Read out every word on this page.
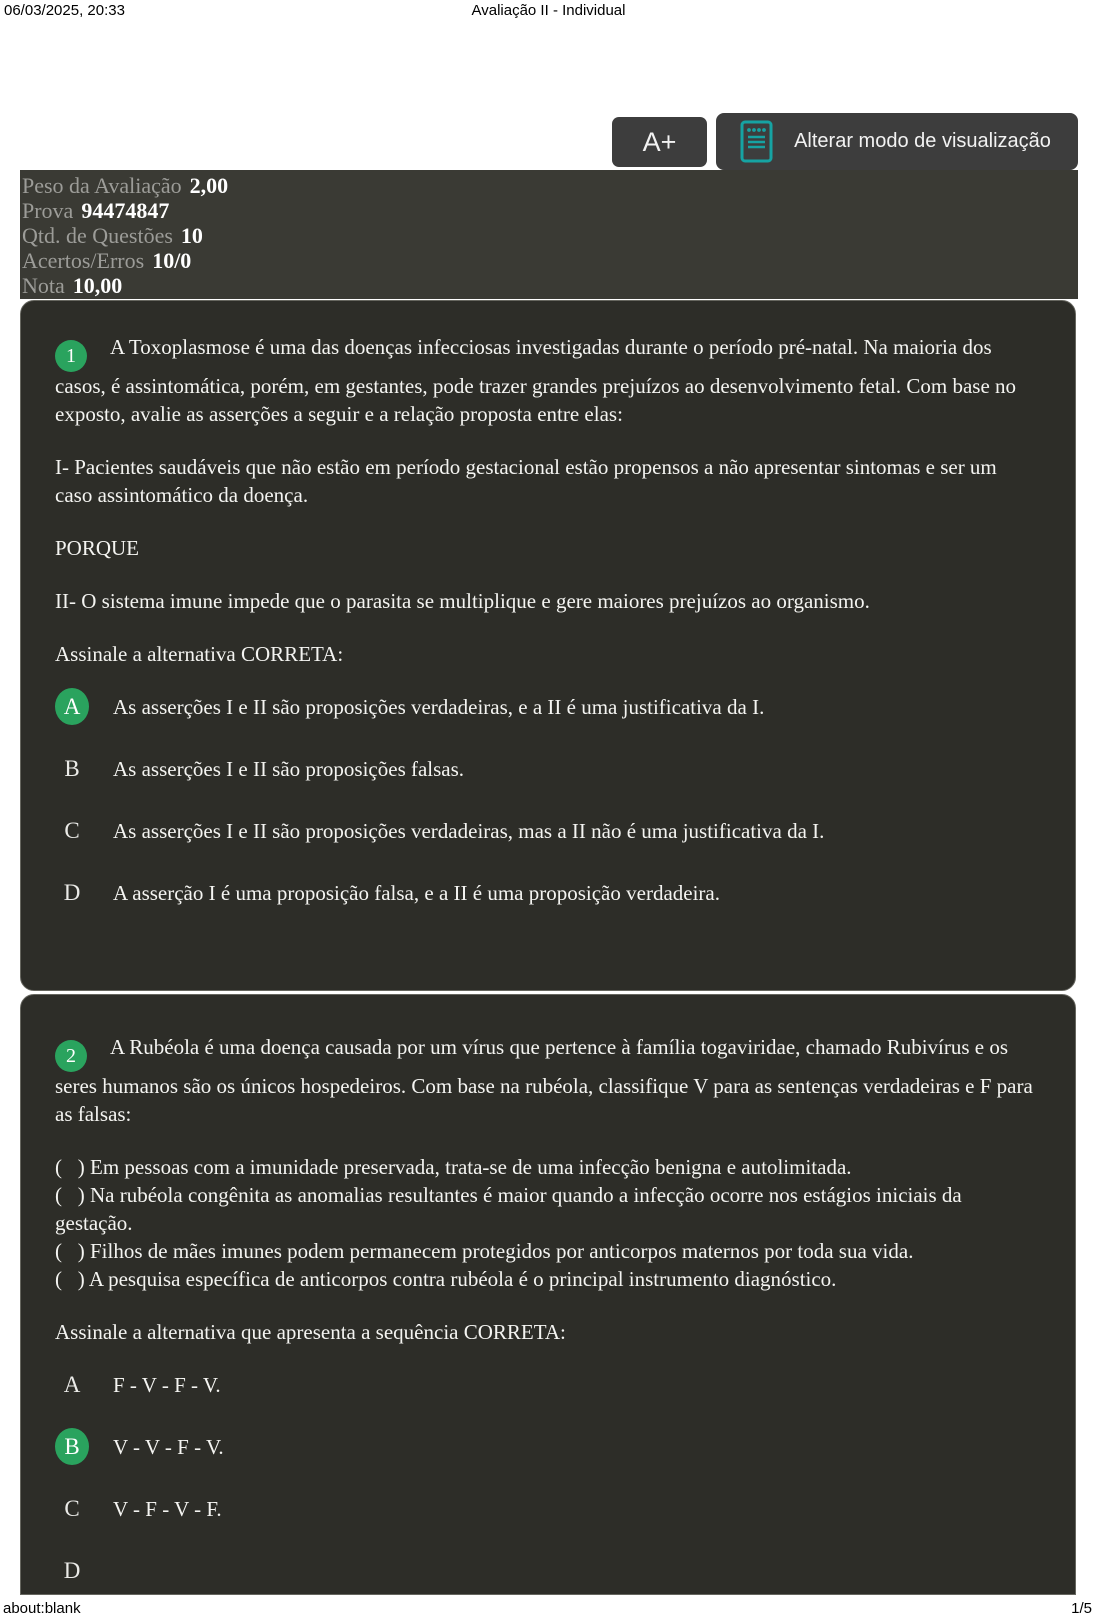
06/03/2025, 20:33	Avaliação II - Individual
A+	Alterar modo de visualização

Peso da Avaliação 2,00

Prova 94474847

Qtd. de Questões 10

Acertos/Erros 10/0

Nota 10,00

1 A Toxoplasmose é uma das doenças infecciosas investigadas durante o período pré-natal. Na maioria dos casos, é assintomática, porém, em gestantes, pode trazer grandes prejuízos ao desenvolvimento fetal. Com base no exposto, avalie as asserções a seguir e a relação proposta entre elas:

I- Pacientes saudáveis que não estão em período gestacional estão propensos a não apresentar sintomas e ser um caso assintomático da doença.

PORQUE

II- O sistema imune impede que o parasita se multiplique e gere maiores prejuízos ao organismo.

Assinale a alternativa CORRETA:

A	As asserções I e II são proposições verdadeiras, e a II é uma justificativa da I.
B	As asserções I e II são proposições falsas.
C	As asserções I e II são proposições verdadeiras, mas a II não é uma justificativa da I.
D	A asserção I é uma proposição falsa, e a II é uma proposição verdadeira.

2 A Rubéola é uma doença causada por um vírus que pertence à família togaviridae, chamado Rubivírus e os seres humanos são os únicos hospedeiros. Com base na rubéola, classifique V para as sentenças verdadeiras e F para as falsas:

(   ) Em pessoas com a imunidade preservada, trata-se de uma infecção benigna e autolimitada.

(   ) Na rubéola congênita as anomalias resultantes é maior quando a infecção ocorre nos estágios iniciais da gestação.

(   ) Filhos de mães imunes podem permanecem protegidos por anticorpos maternos por toda sua vida.

(   ) A pesquisa específica de anticorpos contra rubéola é o principal instrumento diagnóstico.

Assinale a alternativa que apresenta a sequência CORRETA:

A	F - V - F - V.
B	V - V - F - V.
C	V - F - V - F.
D
about:blank	1/5
